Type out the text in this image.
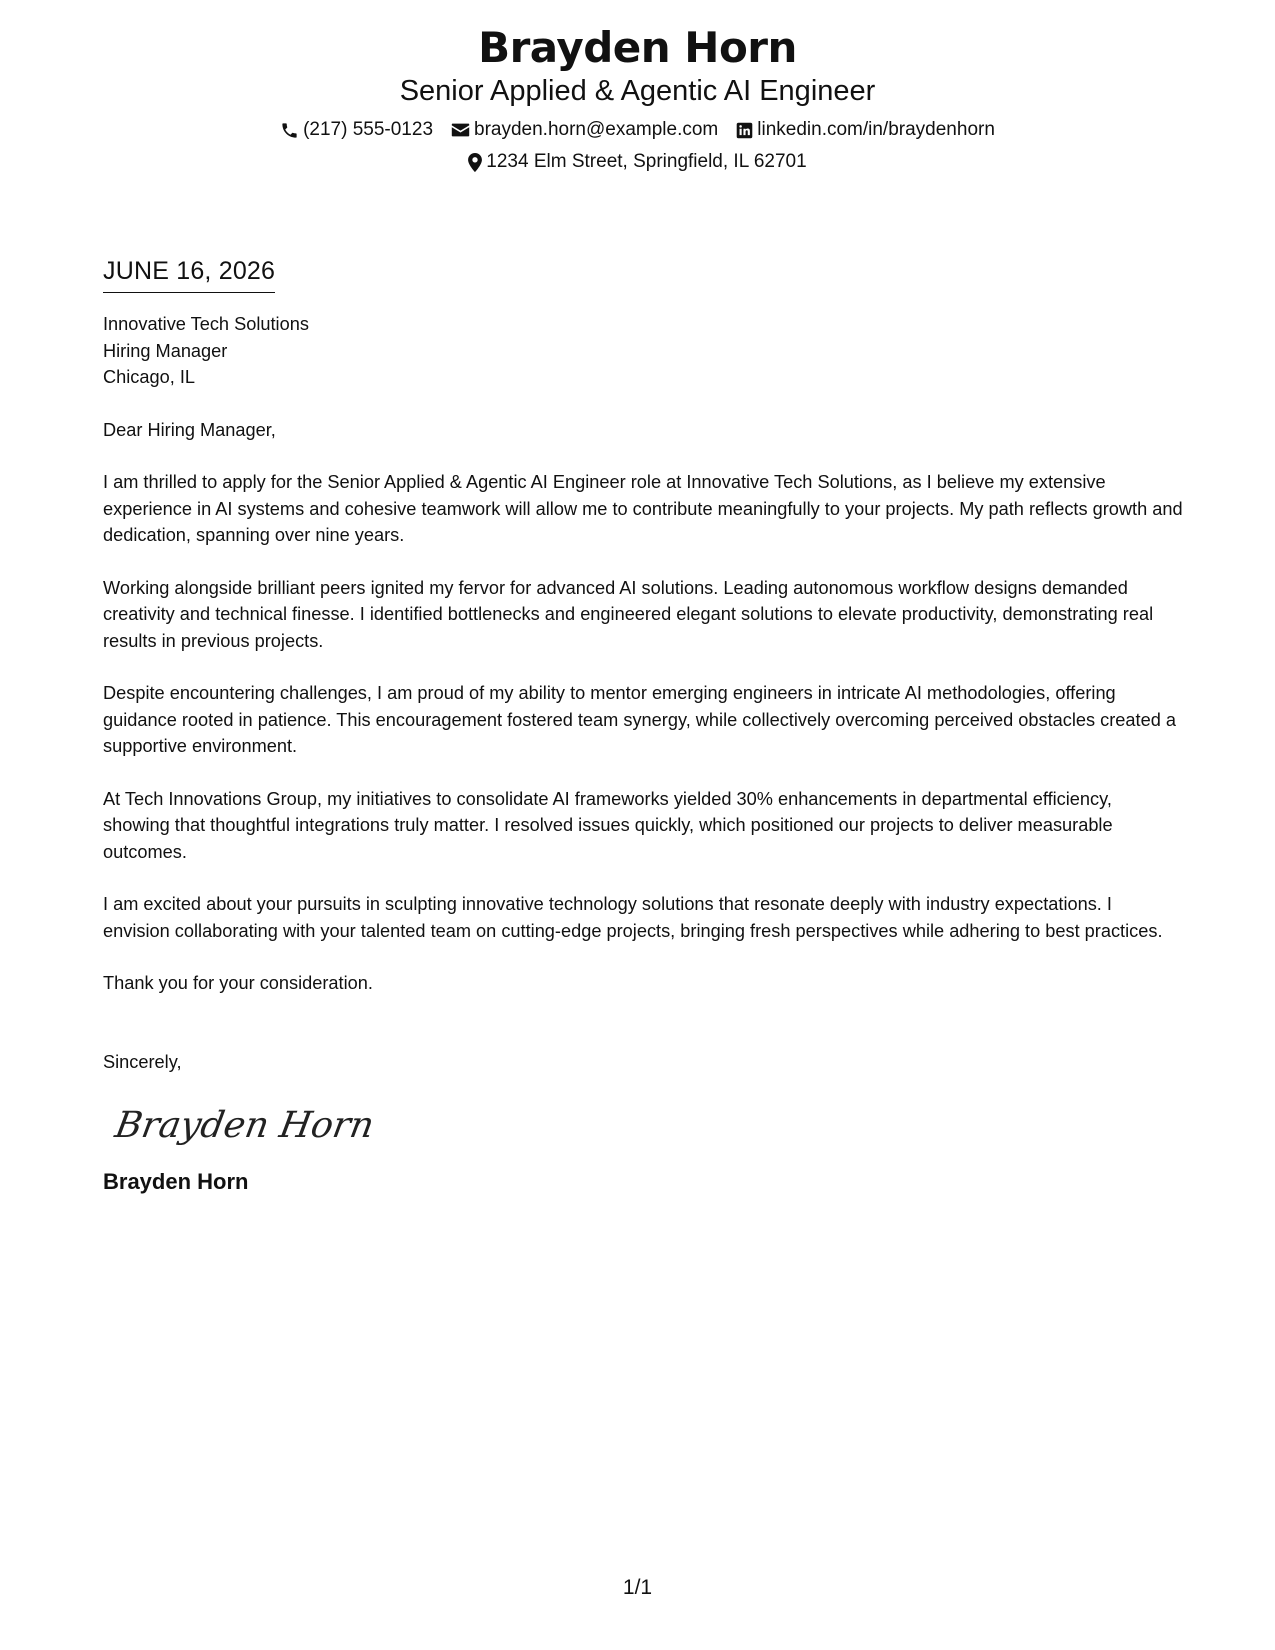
Brayden Horn
Senior Applied & Agentic AI Engineer
(217) 555-0123 brayden.horn@example.com linkedin.com/in/braydenhorn
1234 Elm Street, Springfield, IL 62701
JUNE 16, 2026
Innovative Tech Solutions
Hiring Manager
Chicago, IL
Dear Hiring Manager,
I am thrilled to apply for the Senior Applied & Agentic AI Engineer role at Innovative Tech Solutions, as I believe my extensive experience in AI systems and cohesive teamwork will allow me to contribute meaningfully to your projects. My path reflects growth and dedication, spanning over nine years.
Working alongside brilliant peers ignited my fervor for advanced AI solutions. Leading autonomous workflow designs demanded creativity and technical finesse. I identified bottlenecks and engineered elegant solutions to elevate productivity, demonstrating real results in previous projects.
Despite encountering challenges, I am proud of my ability to mentor emerging engineers in intricate AI methodologies, offering guidance rooted in patience. This encouragement fostered team synergy, while collectively overcoming perceived obstacles created a supportive environment.
At Tech Innovations Group, my initiatives to consolidate AI frameworks yielded 30% enhancements in departmental efficiency, showing that thoughtful integrations truly matter. I resolved issues quickly, which positioned our projects to deliver measurable outcomes.
I am excited about your pursuits in sculpting innovative technology solutions that resonate deeply with industry expectations. I envision collaborating with your talented team on cutting-edge projects, bringing fresh perspectives while adhering to best practices.
Thank you for your consideration.
Sincerely,
Brayden Horn
Brayden Horn
1/1
